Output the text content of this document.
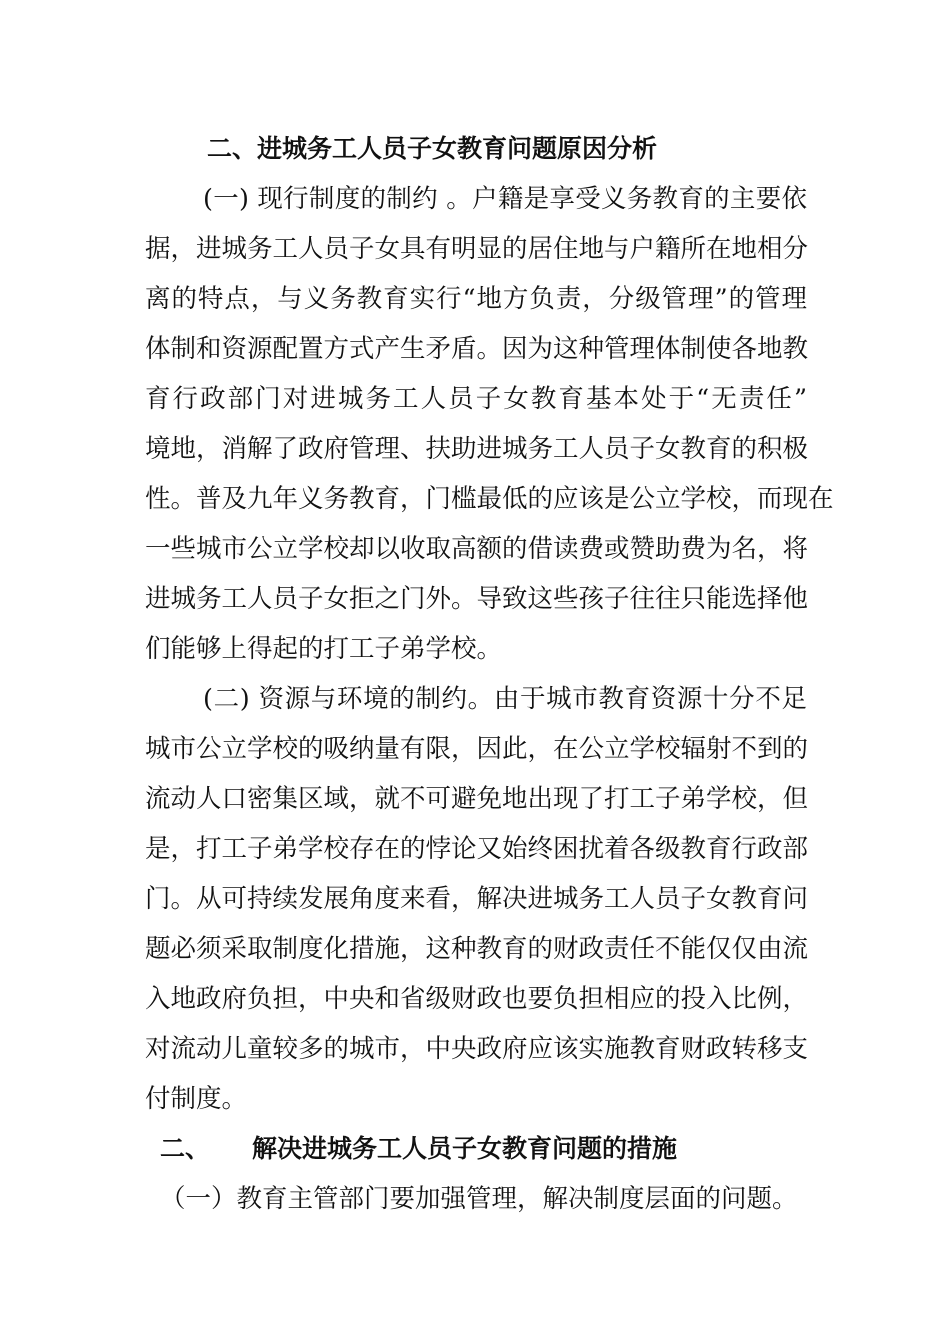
二、进城务工人员子女教育问题原因分析
(一) 现行制度的制约 。户籍是享受义务教育的主要依
据，进城务工人员子女具有明显的居住地与户籍所在地相分
离的特点，与义务教育实行“地方负责，分级管理”的管理
体制和资源配置方式产生矛盾。因为这种管理体制使各地教
育行政部门对进城务工人员子女教育基本处于“无责任”
境地，消解了政府管理、扶助进城务工人员子女教育的积极
性。普及九年义务教育，门槛最低的应该是公立学校，而现在
一些城市公立学校却以收取高额的借读费或赞助费为名，将
进城务工人员子女拒之门外。导致这些孩子往往只能选择他
们能够上得起的打工子弟学校。
(二) 资源与环境的制约。由于城市教育资源十分不足
城市公立学校的吸纳量有限，因此，在公立学校辐射不到的
流动人口密集区域，就不可避免地出现了打工子弟学校，但
是，打工子弟学校存在的悖论又始终困扰着各级教育行政部
门。从可持续发展角度来看，解决进城务工人员子女教育问
题必须采取制度化措施，这种教育的财政责任不能仅仅由流
入地政府负担，中央和省级财政也要负担相应的投入比例，
对流动儿童较多的城市，中央政府应该实施教育财政转移支
付制度。
二、 解决进城务工人员子女教育问题的措施
（一）教育主管部门要加强管理，解决制度层面的问题。
